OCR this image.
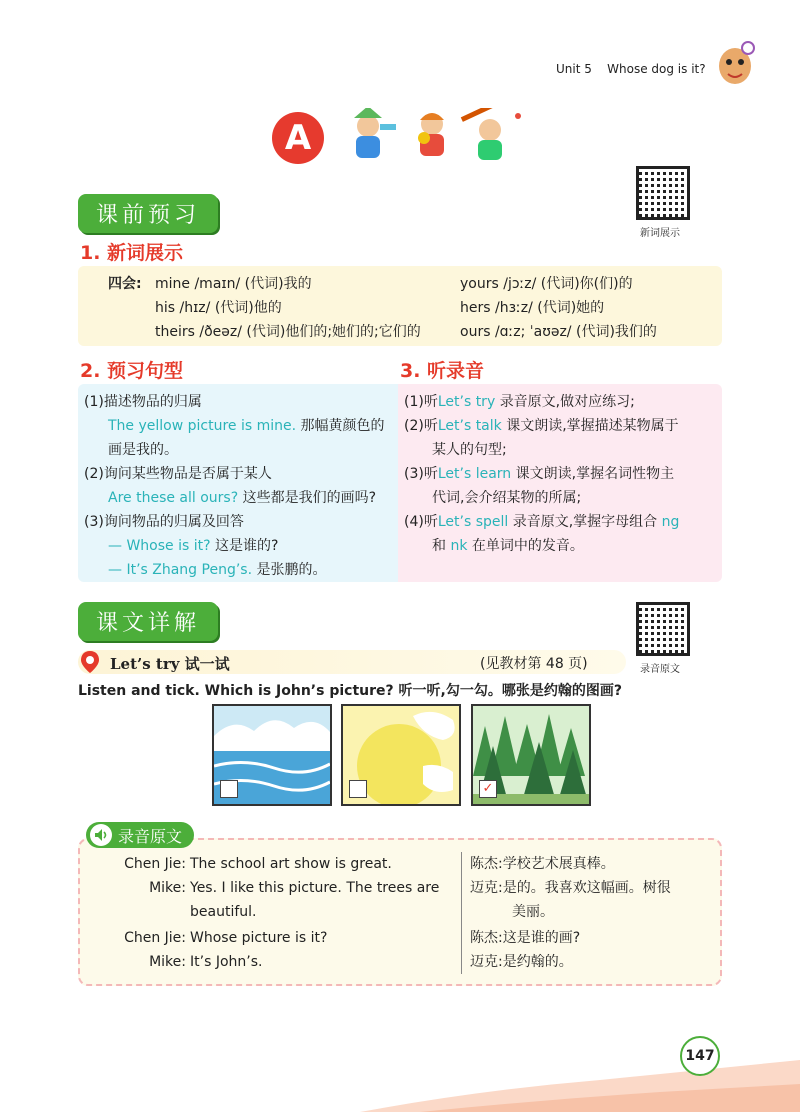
Unit 5 Whose dog is it?
A
课前预习
新词展示
1. 新词展示
四会: mine /maɪn/ (代词)我的	yours /jɔːz/ (代词)你(们)的
his /hɪz/ (代词)他的	hers /hɜːz/ (代词)她的
theirs /ðeəz/ (代词)他们的;她们的;它们的	ours /ɑːz; ˈaʊəz/ (代词)我们的
2. 预习句型	3. 听录音
(1)描述物品的归属
The yellow picture is mine. 那幅黄颜色的
画是我的。
(2)询问某些物品是否属于某人
Are these all ours? 这些都是我们的画吗?
(3)询问物品的归属及回答
— Whose is it? 这是谁的?
— It’s Zhang Peng’s. 是张鹏的。
(1)听Let’s try 录音原文,做对应练习;
(2)听Let’s talk 课文朗读,掌握描述某物属于
某人的句型;
(3)听Let’s learn 课文朗读,掌握名词性物主
代词,会介绍某物的所属;
(4)听Let’s spell 录音原文,掌握字母组合 ng
和 nk 在单词中的发音。
课文详解
录音原文
Let’s try 试一试	(见教材第 48 页)
Listen and tick. Which is John’s picture? 听一听,勾一勾。哪张是约翰的图画?
✓
录音原文
Chen Jie: The school art show is great.
Mike: Yes. I like this picture. The trees are
beautiful.
Chen Jie: Whose picture is it?
Mike: It’s John’s.
陈杰:学校艺术展真棒。
迈克:是的。我喜欢这幅画。树很
美丽。
陈杰:这是谁的画?
迈克:是约翰的。
147
